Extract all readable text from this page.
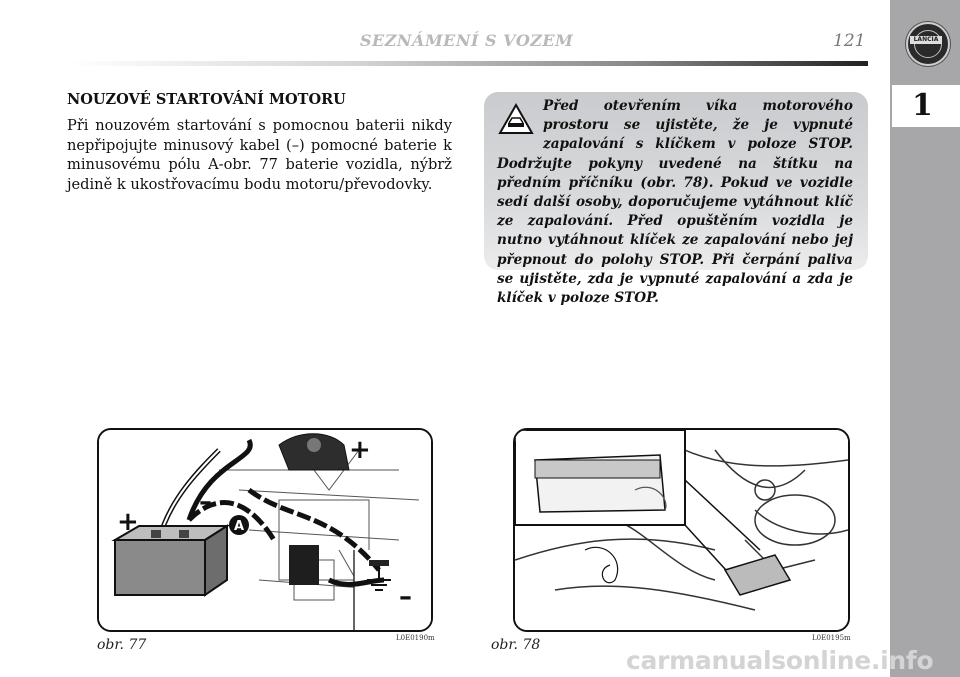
SEZNÁMENÍ S VOZEM	121	LANCIA
1
NOUZOVÉ STARTOVÁNÍ MOTORU
Při nouzovém startování s pomocnou baterii nikdy nepřipojujte minusový kabel (–) pomocné baterie k minusovému pólu A-obr. 77 baterie vozidla, nýbrž jedině k ukostřovacímu bodu motoru/převodovky.
Před otevřením víka motorového prostoru se ujistěte, že je vypnuté zapalování s klíčkem v poloze STOP. Dodržujte pokyny uvedené na štítku na předním příčníku (obr. 78). Pokud ve vozidle sedí další osoby, doporučujeme vytáhnout klíč ze zapalování. Před opuštěním vozidla je nutno vytáhnout klíček ze zapalování nebo jej přepnout do polohy STOP. Při čerpání paliva se ujistěte, zda je vypnuté zapalování a zda je klíček v poloze STOP.
A
+
+
–
–
obr. 77	L0E0190m	obr. 78	L0E0195m
carmanualsonline.info
